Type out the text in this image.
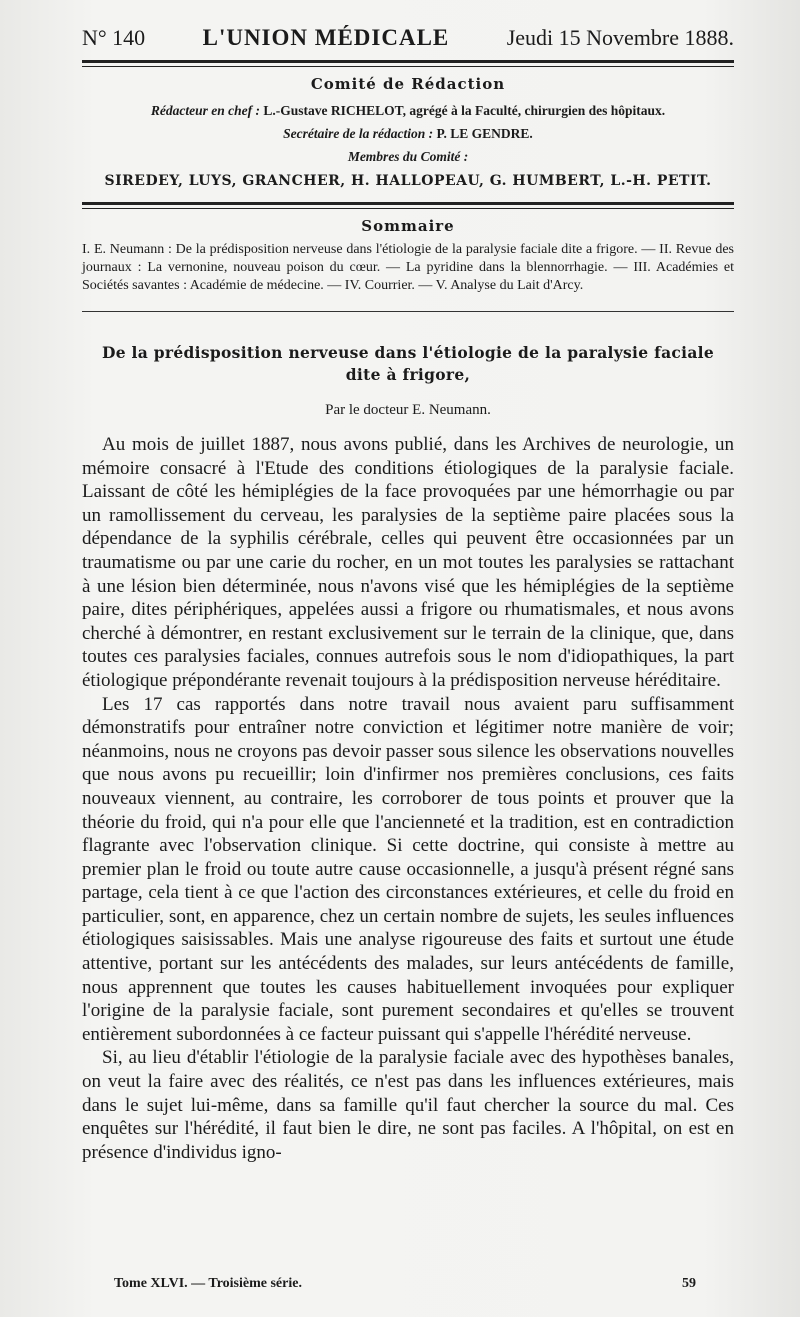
N° 140 L'UNION MÉDICALE	Jeudi 15 Novembre 1888.
Comité de Rédaction
Rédacteur en chef : L.-Gustave RICHELOT, agrégé à la Faculté, chirurgien des hôpitaux.
Secrétaire de la rédaction : P. LE GENDRE.
Membres du Comité :
SIREDEY, LUYS, GRANCHER, H. HALLOPEAU, G. HUMBERT, L.-H. PETIT.
Sommaire
I. E. Neumann : De la prédisposition nerveuse dans l'étiologie de la paralysie faciale dite a frigore. — II. Revue des journaux : La vernonine, nouveau poison du cœur. — La pyridine dans la blennorrhagie. — III. Académies et Sociétés savantes : Académie de médecine. — IV. Courrier. — V. Analyse du Lait d'Arcy.
De la prédisposition nerveuse dans l'étiologie de la paralysie faciale
dite à frigore,
Par le docteur E. Neumann.

Au mois de juillet 1887, nous avons publié, dans les Archives de neurologie, un mémoire consacré à l'Etude des conditions étiologiques de la paralysie faciale. Laissant de côté les hémiplégies de la face provoquées par une hémorrhagie ou par un ramollissement du cerveau, les paralysies de la septième paire placées sous la dépendance de la syphilis cérébrale, celles qui peuvent être occasionnées par un traumatisme ou par une carie du rocher, en un mot toutes les paralysies se rattachant à une lésion bien déterminée, nous n'avons visé que les hémiplégies de la septième paire, dites périphériques, appelées aussi a frigore ou rhumatismales, et nous avons cherché à démontrer, en restant exclusivement sur le terrain de la clinique, que, dans toutes ces paralysies faciales, connues autrefois sous le nom d'idiopathiques, la part étiologique prépondérante revenait toujours à la prédisposition nerveuse héréditaire.

Les 17 cas rapportés dans notre travail nous avaient paru suffisamment démonstratifs pour entraîner notre conviction et légitimer notre manière de voir; néanmoins, nous ne croyons pas devoir passer sous silence les observations nouvelles que nous avons pu recueillir; loin d'infirmer nos premières conclusions, ces faits nouveaux viennent, au contraire, les corroborer de tous points et prouver que la théorie du froid, qui n'a pour elle que l'ancienneté et la tradition, est en contradiction flagrante avec l'observation clinique. Si cette doctrine, qui consiste à mettre au premier plan le froid ou toute autre cause occasionnelle, a jusqu'à présent régné sans partage, cela tient à ce que l'action des circonstances extérieures, et celle du froid en particulier, sont, en apparence, chez un certain nombre de sujets, les seules influences étiologiques saisissables. Mais une analyse rigoureuse des faits et surtout une étude attentive, portant sur les antécédents des malades, sur leurs antécédents de famille, nous apprennent que toutes les causes habituellement invoquées pour expliquer l'origine de la paralysie faciale, sont purement secondaires et qu'elles se trouvent entièrement subordonnées à ce facteur puissant qui s'appelle l'hérédité nerveuse.

Si, au lieu d'établir l'étiologie de la paralysie faciale avec des hypothèses banales, on veut la faire avec des réalités, ce n'est pas dans les influences extérieures, mais dans le sujet lui-même, dans sa famille qu'il faut chercher la source du mal. Ces enquêtes sur l'hérédité, il faut bien le dire, ne sont pas faciles. A l'hôpital, on est en présence d'individus igno-

Tome XLVI. — Troisième série.	59
